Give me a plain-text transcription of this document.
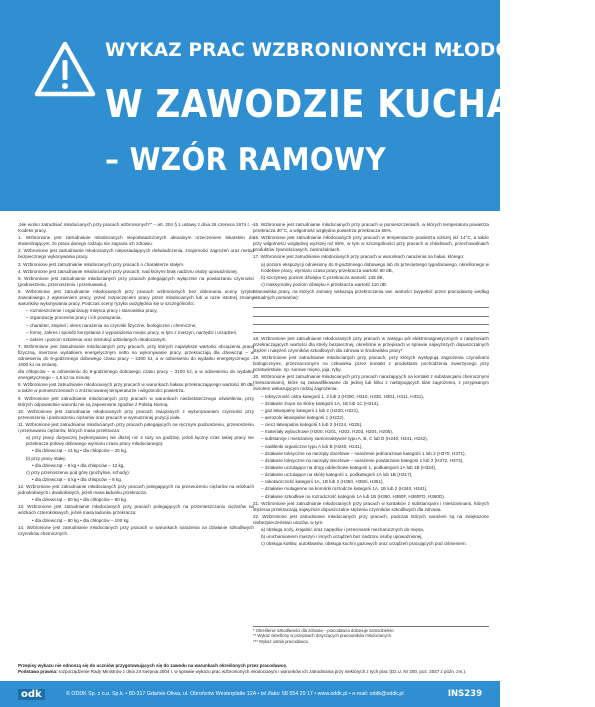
WYKAZ PRAC WZBRONIONYCH MŁODOCIANYM
W ZAWODZIE KUCHARZ
– WZÓR RAMOWY

„Nie wolno zatrudniać młodocianych przy pracach wzbronionych*” – art. 204 § 1 ustawy z dnia 26 czerwca 1974 r. – Kodeks pracy.

1. Wzbronione jest zatrudnianie młodocianych niepoświadczonych aktualnym orzeczeniem lekarskim do stwierdzającym, że praca danego rodzaju nie zagraża ich zdrowiu.

2. Wzbronione jest zatrudnianie młodocianych nieposiadających doświadczenia, znajomości zagrożeń oraz metod bezpiecznego wykonywania pracy.

3. Wzbronione jest zatrudnianie młodocianych przy pracach o charakterze stałym.

4. Wzbronione jest zatrudnianie młodocianych przy pracach, nad którymi brak nadzoru osoby upoważnionej.

5. Wzbronione jest zatrudnianie młodocianych przy pracach polegających wyłącznie na powtarzaniu czynności (podnoszeniu, przenoszeniu i przesuwaniu).

6. Wzbronione jest zatrudnianie młodocianych przy pracach wzbronionych bez dokonania oceny ryzyka zawodowego z wyłonieniem pracy, przed rozpoczęciem pracy przez młodocianych lub w razie istotnej zmiany warunków wykonywania pracy. Podczas oceny ryzyka uwzględnia się w szczególności:

– rozmieszczenie i organizację miejsca pracy i stanowiska pracy,

– organizację procesów pracy i ich powiązania,

– charakter, stopień i okres narażenia na czynniki fizyczne, biologiczne i chemiczne,

– formę, zakres i sposób korzystania z wyposażenia miejsc pracy, w tym z maszyn, narzędzi i urządzeń,

– zakres i poziom szkolenia oraz instrukcji udzielanych młodocianym.

7. Wzbronione jest zatrudnianie młodocianych przy pracach, przy których największe wartości obciążenia pracą fizyczną, mierzone wydatkiem energetycznym netto na wykonywanie pracy, przekraczają dla dziewcząt – w odniesieniu do 8-godzinnego dobowego czasu pracy – 2300 kJ, a w odniesieniu do wydatku energetycznego – 1000 kJ na zmianę,

dla chłopców – w odniesieniu do 8-godzinnego dobowego czasu pracy – 3100 kJ, a w odniesieniu do wydatku energetycznego – 1,5 kJ na minutę.

8. Wzbronione jest zatrudnianie młodocianych przy pracach w warunkach hałasu przekraczającego wartości 80 dB, a także w pomieszczeniach o zróżnicowanej temperaturze i wilgotności powietrza.

9. Wzbronione jest zatrudnianie młodocianych przy pracach w warunkach niedostatecznego oświetlenia, przy których odpowiednie warunki nie są zapewnione zgodnie z Polską Normą.

10. Wzbronione jest zatrudnianie młodocianych przy pracach związanych z wykonywaniem czynności przy przenoszeniu i podnoszeniu ciężarów oraz pracach w wymuszonej pozycji ciała.

11. Wzbronione jest zatrudnianie młodocianych przy pracach polegających na ręcznym podnoszeniu, przenoszeniu i przesuwaniu ciężarów, których masa przekracza:

a) przy pracy dorywczej (wykonywanej nie dłużej niż 4 razy na godzinę, jeżeli łączny czas takiej pracy nie przekracza połowy dobowego wymiaru czasu pracy młodocianego):

• dla dziewcząt – 14 kg • dla chłopców – 20 kg,

b) przy pracy stałej:

• dla dziewcząt – 8 kg • dla chłopców – 12 kg,

c) przy przenoszeniu pod górę (pochylnie, schody):

• dla dziewcząt – 5 kg • dla chłopców – 8 kg.

12. Wzbronione jest zatrudnianie młodocianych przy pracach polegających na przewożeniu ciężarów na wózkach jednokołowych i dwukołowych, jeżeli masa ładunku przekracza:

• dla dziewcząt – 50 kg • dla chłopców – 80 kg.

13. Wzbronione jest zatrudnianie młodocianych przy pracach polegających na przemieszczaniu ciężarów na wózkach czterokołowych, jeżeli masa ładunku przekracza:

• dla dziewcząt – 80 kg • dla chłopców – 100 kg.

14. Wzbronione jest zatrudnianie młodocianych przy pracach w warunkach narażenia na działanie szkodliwych czynników chemicznych.

15. Wzbronione jest zatrudnianie młodocianych przy pracach w pomieszczeniach, w których temperatura powietrza przekracza 30°C, a wilgotność względna powietrza przekracza 65%.

16. Wzbronione jest zatrudnianie młodocianych przy pracach w temperaturze powietrza niższej niż 14°C, a także przy wilgotności względnej wyższej niż 65%, w tym w szczególności przy pracach w chłodniach, przechowalniach produktów żywnościowych, zamrażalniach.

17. Wzbronione jest zatrudnianie młodocianych przy pracach w warunkach narażenia na hałas, którego:

a) poziom ekspozycji odniesiony do 8-godzinnego dobowego lub do przeciętnego tygodniowego, określonego w Kodeksie pracy, wymiaru czasu pracy przekracza wartość 80 dB,

b) szczytowy poziom dźwięku C przekracza wartość 135 dB,

c) maksymalny poziom dźwięku A przekracza wartość 110 dB.

Stanowiska pracy, na których zamiary wskazują przekroczenia ww. wartości (wypełnić przez pracodawcę według aktualnych pomiarów):

18. Wzbronione jest zatrudnianie młodocianych przy pracach w zasięgu pól elektromagnetycznych o natężeniach przekraczających wartości dla strefy bezpiecznej, określone w przepisach w sprawie najwyższych dopuszczalnych stężeń i natężeń czynników szkodliwych dla zdrowia w środowisku pracy*.

19. Wzbronione jest zatrudnianie młodocianych przy pracach, przy których występują zagrożenia czynnikami biologicznymi, przeznaczonymi na człowieka przez kontakt z produktami pochodzenia zwierzęcego przy przetwórstwie, np. surowe mięso, jaja, ryby.

20. Wzbronione jest zatrudnianie młodocianych przy pracach narażających na kontakt z substancjami chemicznymi (mieszaninami), które są zakwalifikowane do jednej lub kilku z następujących klas zagrożenia, z przypisanym zwrotem wskazującym rodzaj zagrożenia:

– toksyczność ostra kategorii 1, 2 lub 3 (H300, H310, H330, H301, H311, H331),

– działanie żrące na skórę kategorii 1A, 1B lub 1C (H314),

– gaz łatwopalny kategorii 1 lub 2 (H220, H221),

– aerozole łatwopalne kategorii 1 (H222),

– ciecz łatwopalna kategorii 1 lub 2 (H224, H225),

– materiały wybuchowe (H200, H201, H202, H203, H204, H205),

– substancje i mieszaniny samoreaktywne typu A, B, C lub D (H240, H241, H242),

– nadtlenki organiczne typu A lub B (H240, H241),

– działanie toksyczne na narządy docelowe – narażenie jednorazowe kategorii 1 lub 2 (H370, H371),

– działanie toksyczne na narządy docelowe – narażenie powtarzane kategorii 1 lub 2 (H372, H373),

– działanie uczulające na drogi oddechowe kategorii 1, podkategorii 1A lub 1B (H334),

– działanie uczulające na skórę kategorii 1, podkategorii 1A lub 1B (H317),

– rakotwórczość kategorii 1A, 1B lub 2 (H350, H350i, H351),

– działanie mutagenne na komórki rozrodcze kategorii 1A, 1B lub 2 (H340, H341),

– działanie szkodliwe na rozrodczość kategorii 1A lub 1B (H360, H360F, H360FD, H360D).

21. Wzbronione jest zatrudnianie młodocianych przy pracach w kontakcie z substancjami i mieszaninami, których stężenia przekraczają najwyższe dopuszczalne stężenia czynników szkodliwych dla zdrowia.

22. Wzbronione jest zatrudnianie młodocianych przy pracach, podczas których narażeni są na zwiększone niebezpieczeństwo urazów, w tym:

a) obsługa noży, krajalnic oraz napędów i przecinarek mechanicznych do mięsa,

b) uruchamianiem maszyn i innych urządzeń bez nadzoru osoby upoważnionej,

c) obsługa kotłów, autoklawów, obsługa kuchni gazowych oraz urządzeń pracujących pod ciśnieniem.

* Określenie szkodliwości dla zdrowia – pracodawca dokonuje samodzielnie.

** Wykaz określony w przepisach dotyczących pracowników młodocianych.

*** Wykaz ustala pracodawca.

Przepisy wykazu nie odnoszą się do uczniów przygotowujących się do zawodu na warunkach określonych przez pracodawcę.
Podstawa prawna: rozporządzenie Rady Ministrów z dnia 24 sierpnia 2004 r. w sprawie wykazu prac wzbronionych młodocianym i warunków ich zatrudniania przy niektórych z tych prac (Dz.U. Nr 200, poz. 2047 z późn. zm.).
odk	© ODDK Sp. z o.o. Sp.k. • 80-317 Gdańsk-Oliwa, ul. Obrońców Westerplatte 12A • tel./faks: 58 554 29 17 • www.oddk.pl • e-mail: oddk@oddk.pl	INS239
